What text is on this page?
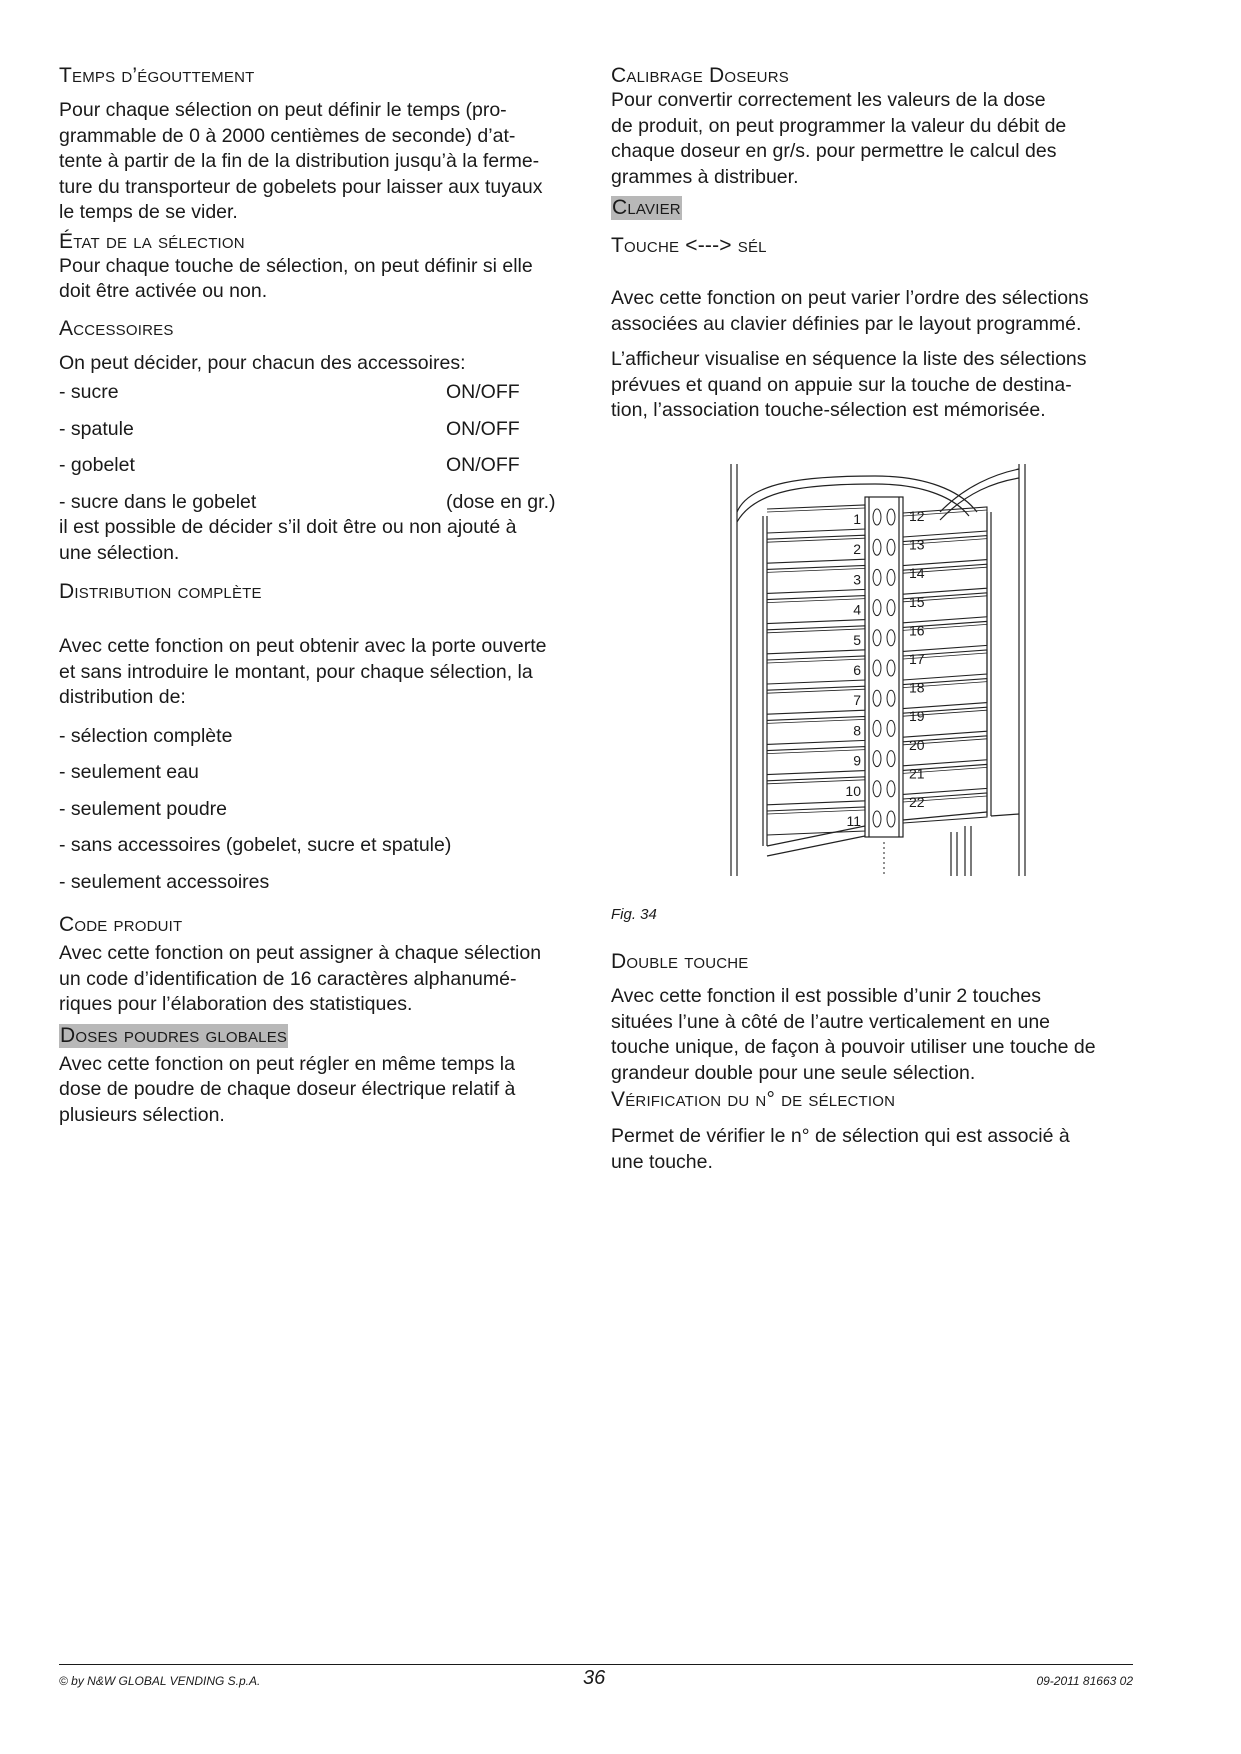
Temps d’égouttement

Pour chaque sélection on peut définir le temps (pro-
grammable de 0 à 2000 centièmes de seconde) d’at-
tente à partir de la fin de la distribution jusqu’à la ferme-
ture du transporteur de gobelets pour laisser aux tuyaux
le temps de se vider.

État de la sélection

Pour chaque touche de sélection, on peut définir si elle
doit être activée ou non.

Accessoires

On peut décider, pour chacun des accessoires:

- sucre	ON/OFF
- spatule	ON/OFF
- gobelet	ON/OFF
- sucre dans le gobelet	(dose en gr.)

il est possible de décider s’il doit être ou non ajouté à
une sélection.

Distribution complète

Avec cette fonction on peut obtenir avec la porte ouverte
et sans introduire le montant, pour chaque sélection, la
distribution de:

- sélection complète

- seulement eau

- seulement poudre

- sans accessoires (gobelet, sucre et spatule)

- seulement accessoires

Code produit

Avec cette fonction on peut assigner à chaque sélection
un code d’identification de 16 caractères alphanumé-
riques pour l’élaboration des statistiques.

Doses poudres globales

Avec cette fonction on peut régler en même temps la
dose de poudre de chaque doseur électrique relatif à
plusieurs sélection.

Calibrage Doseurs

Pour convertir correctement les valeurs de la dose
de produit, on peut programmer la valeur du débit de
chaque doseur en gr/s. pour permettre le calcul des
grammes à distribuer.

Clavier
Touche <---> sél

Avec cette fonction on peut varier l’ordre des sélections
associées au clavier définies par le layout programmé.

L’afficheur visualise en séquence la liste des sélections
prévues et quand on appuie sur la touche de destina-
tion, l’association touche-sélection est mémorisée.

1	12
2	13
3	14
4	15
5
16
6
17
7
18
8
19
9
20
10
21
11
22
Fig. 34
Double touche

Avec cette fonction il est possible d’unir 2 touches
situées l’une à côté de l’autre verticalement en une
touche unique, de façon à pouvoir utiliser une touche de
grandeur double pour une seule sélection.

Vérification du n° de sélection

Permet de vérifier le n° de sélection qui est associé à
une touche.

© by N&W GLOBAL VENDING S.p.A.	36	09-2011 81663 02
